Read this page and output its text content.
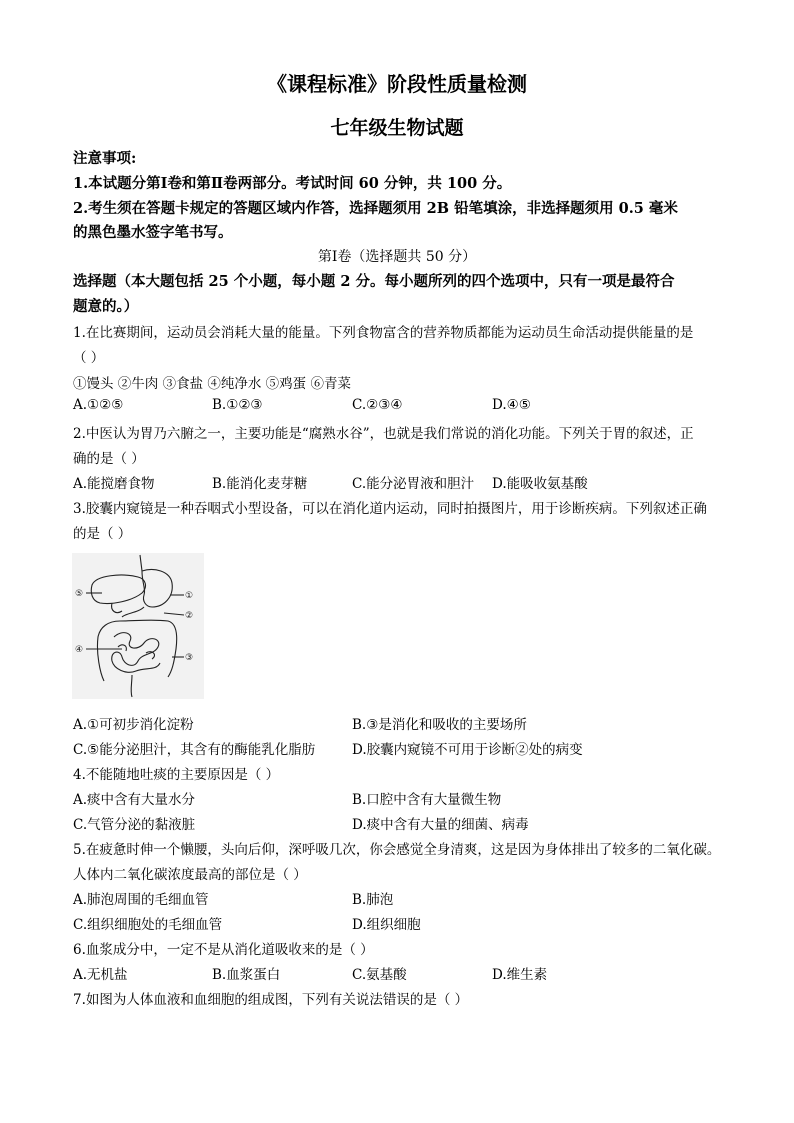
《课程标准》阶段性质量检测
七年级生物试题
注意事项:
1.本试题分第Ⅰ卷和第Ⅱ卷两部分。考试时间 60 分钟，共 100 分。
2.考生须在答题卡规定的答题区域内作答，选择题须用 2B 铅笔填涂，非选择题须用 0.5 毫米
的黑色墨水签字笔书写。
第Ⅰ卷（选择题共 50 分）
选择题（本大题包括 25 个小题，每小题 2 分。每小题所列的四个选项中，只有一项是最符合
题意的。）
1.在比赛期间，运动员会消耗大量的能量。下列食物富含的营养物质都能为运动员生命活动提供能量的是
（ ）
①馒头 ②牛肉 ③食盐 ④纯净水 ⑤鸡蛋 ⑥青菜
A.①②⑤	B.①②③	C.②③④	D.④⑤
2.中医认为胃乃六腑之一，主要功能是“腐熟水谷”，也就是我们常说的消化功能。下列关于胃的叙述，正
确的是（ ）
A.能搅磨食物	B.能消化麦芽糖	C.能分泌胃液和胆汁 D.能吸收氨基酸
3.胶囊内窥镜是一种吞咽式小型设备，可以在消化道内运动，同时拍摄图片，用于诊断疾病。下列叙述正确
的是（ ）
①
②
③
④
⑤
A.①可初步消化淀粉	B.③是消化和吸收的主要场所
C.⑤能分泌胆汁，其含有的酶能乳化脂肪	D.胶囊内窥镜不可用于诊断②处的病变
4.不能随地吐痰的主要原因是（ ）
A.痰中含有大量水分	B.口腔中含有大量微生物
C.气管分泌的黏液脏	D.痰中含有大量的细菌、病毒
5.在疲惫时伸一个懒腰，头向后仰，深呼吸几次，你会感觉全身清爽，这是因为身体排出了较多的二氧化碳。
人体内二氧化碳浓度最高的部位是（ ）
A.肺泡周围的毛细血管	B.肺泡
C.组织细胞处的毛细血管	D.组织细胞
6.血浆成分中，一定不是从消化道吸收来的是（ ）
A.无机盐	B.血浆蛋白	C.氨基酸	D.维生素
7.如图为人体血液和血细胞的组成图，下列有关说法错误的是（ ）
